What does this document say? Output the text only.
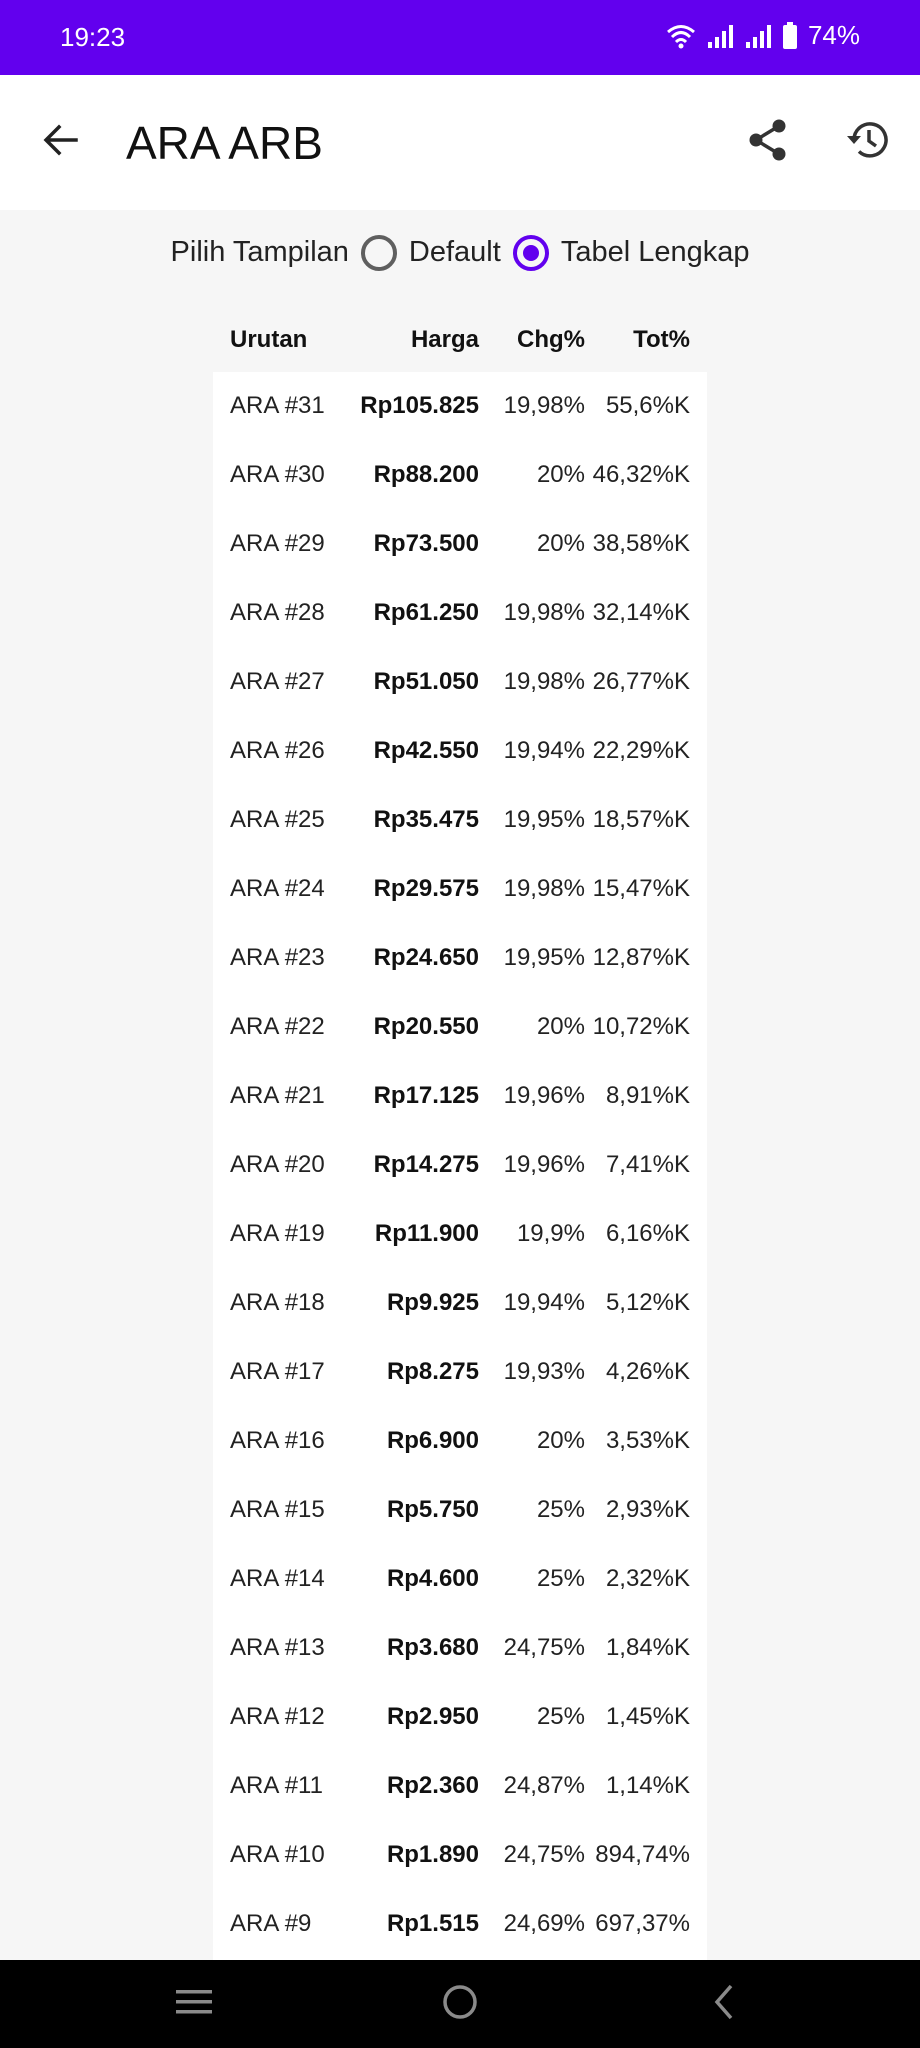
19:23	74%
ARA ARB
Pilih Tampilan Default Tabel Lengkap
Urutan	Harga Chg% Tot%
ARA #31 Rp105.825 19,98% 55,6%K
ARA #30 Rp88.200 20% 46,32%K
ARA #29 Rp73.500 20% 38,58%K
ARA #28 Rp61.250 19,98% 32,14%K
ARA #27 Rp51.050 19,98% 26,77%K
ARA #26 Rp42.550 19,94% 22,29%K
ARA #25 Rp35.475 19,95% 18,57%K
ARA #24 Rp29.575 19,98% 15,47%K
ARA #23 Rp24.650 19,95% 12,87%K
ARA #22 Rp20.550 20% 10,72%K
ARA #21 Rp17.125 19,96% 8,91%K
ARA #20 Rp14.275 19,96% 7,41%K
ARA #19 Rp11.900 19,9% 6,16%K
ARA #18	Rp9.925 19,94% 5,12%K
ARA #17	Rp8.275 19,93% 4,26%K
ARA #16	Rp6.900 20% 3,53%K
ARA #15	Rp5.750 25% 2,93%K
ARA #14	Rp4.600 25% 2,32%K
ARA #13	Rp3.680 24,75% 1,84%K
ARA #12	Rp2.950 25% 1,45%K
ARA #11	Rp2.360 24,87% 1,14%K
ARA #10	Rp1.890 24,75% 894,74%
ARA #9	Rp1.515 24,69% 697,37%
